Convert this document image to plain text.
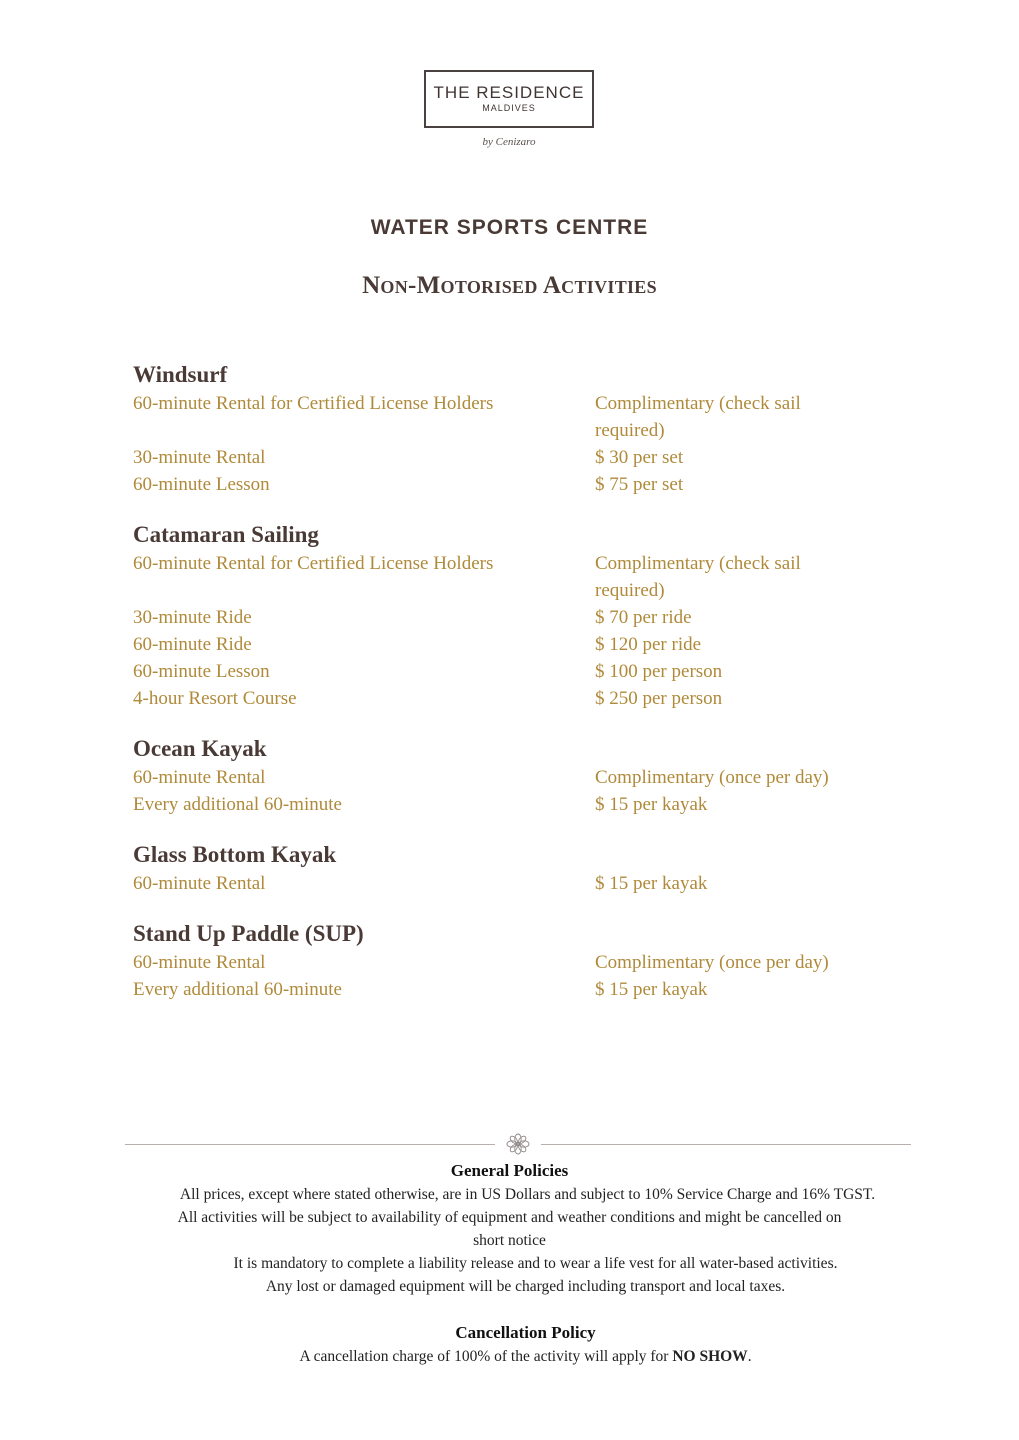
THE RESIDENCE
MALDIVES
by Cenizaro
WATER SPORTS CENTRE
Non-Motorised Activities
Windsurf
60-minute Rental for Certified License Holders	Complimentary (check sail required)
30-minute Rental	$ 30 per set
60-minute Lesson	$ 75 per set
Catamaran Sailing
60-minute Rental for Certified License Holders	Complimentary (check sail required)
30-minute Ride	$ 70 per ride
60-minute Ride	$ 120 per ride
60-minute Lesson	$ 100 per person
4-hour Resort Course	$ 250 per person
Ocean Kayak
60-minute Rental	Complimentary (once per day)
Every additional 60-minute	$ 15 per kayak
Glass Bottom Kayak
60-minute Rental	$ 15 per kayak
Stand Up Paddle (SUP)
60-minute Rental	Complimentary (once per day)
Every additional 60-minute	$ 15 per kayak
General Policies
All prices, except where stated otherwise, are in US Dollars and subject to 10% Service Charge and 16% TGST.
All activities will be subject to availability of equipment and weather conditions and might be cancelled on
short notice
It is mandatory to complete a liability release and to wear a life vest for all water-based activities.
Any lost or damaged equipment will be charged including transport and local taxes.
Cancellation Policy
A cancellation charge of 100% of the activity will apply for NO SHOW.
